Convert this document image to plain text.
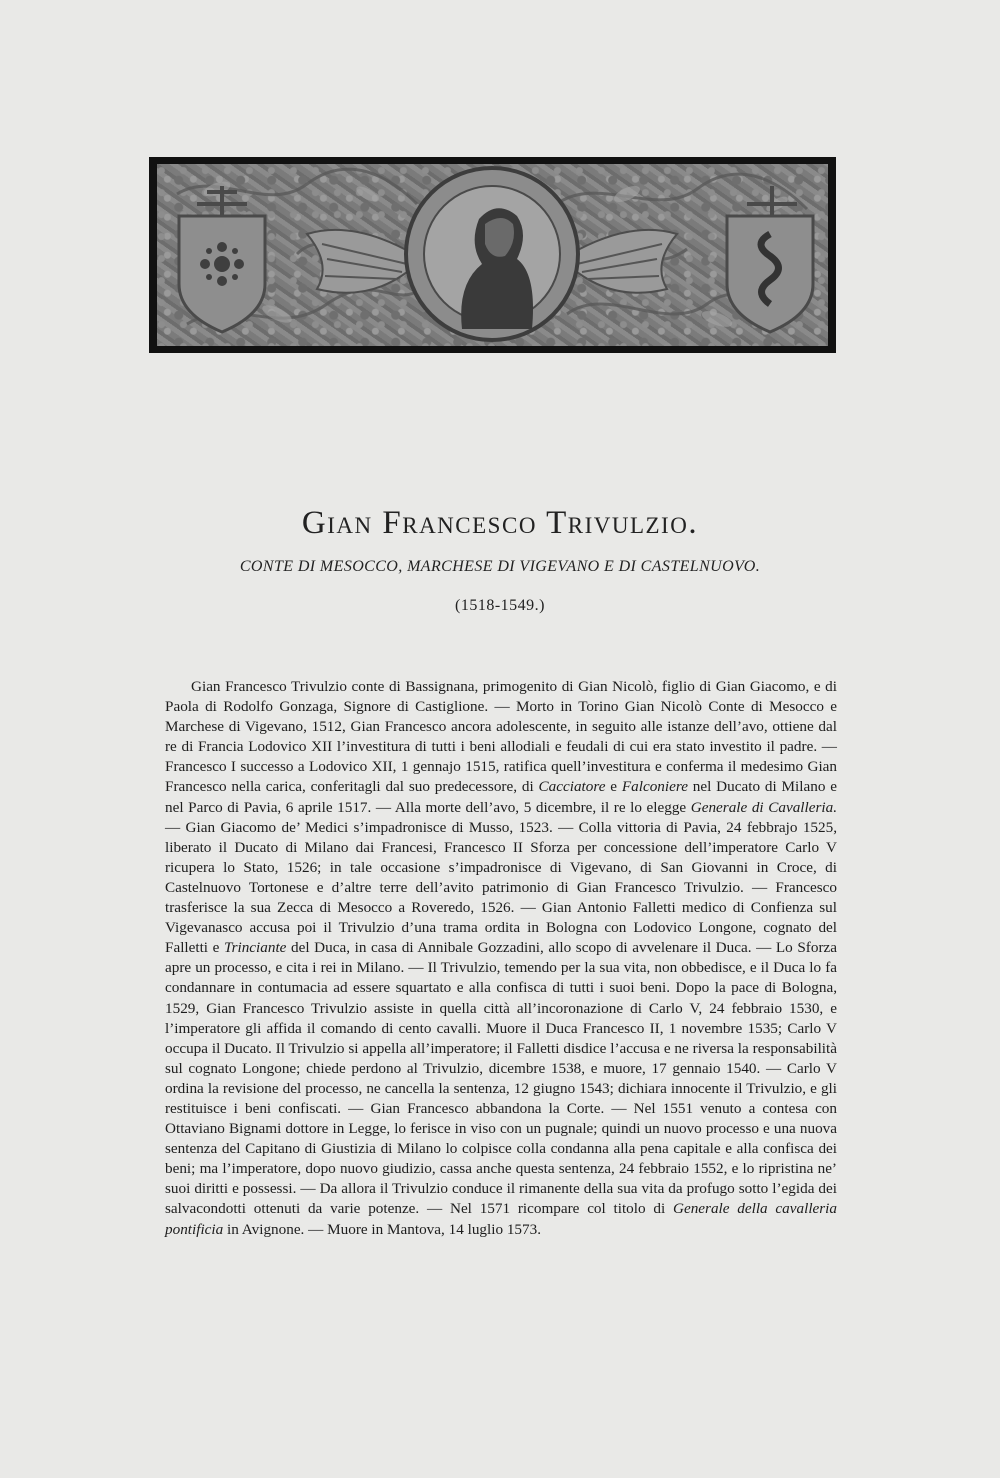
Gian Francesco Trivulzio.
CONTE DI MESOCCO, MARCHESE DI VIGEVANO E DI CASTELNUOVO.
(1518-1549.)

Gian Francesco Trivulzio conte di Bassignana, primogenito di Gian Nicolò, figlio di Gian Giacomo, e di Paola di Rodolfo Gonzaga, Signore di Castiglione. — Morto in Torino Gian Nicolò Conte di Mesocco e Marchese di Vigevano, 1512, Gian Francesco ancora adolescente, in seguito alle istanze dell’avo, ottiene dal re di Francia Lodovico XII l’investitura di tutti i beni allodiali e feudali di cui era stato investito il padre. — Francesco I successo a Lodovico XII, 1 gennajo 1515, ratifica quell’investitura e conferma il medesimo Gian Francesco nella carica, conferitagli dal suo predecessore, di Cacciatore e Falconiere nel Ducato di Milano e nel Parco di Pavia, 6 aprile 1517. — Alla morte dell’avo, 5 dicembre, il re lo elegge Generale di Cavalleria. — Gian Giacomo de’ Medici s’impadronisce di Musso, 1523. — Colla vittoria di Pavia, 24 febbrajo 1525, liberato il Ducato di Milano dai Francesi, Francesco II Sforza per concessione dell’imperatore Carlo V ricupera lo Stato, 1526; in tale occasione s’impadronisce di Vigevano, di San Giovanni in Croce, di Castelnuovo Tortonese e d’altre terre dell’avito patrimonio di Gian Francesco Trivulzio. — Francesco trasferisce la sua Zecca di Mesocco a Roveredo, 1526. — Gian Antonio Falletti medico di Confienza sul Vigevanasco accusa poi il Trivulzio d’una trama ordita in Bologna con Lodovico Longone, cognato del Falletti e Trinciante del Duca, in casa di Annibale Gozzadini, allo scopo di avvelenare il Duca. — Lo Sforza apre un processo, e cita i rei in Milano. — Il Trivulzio, temendo per la sua vita, non obbedisce, e il Duca lo fa condannare in contumacia ad essere squartato e alla confisca di tutti i suoi beni. Dopo la pace di Bologna, 1529, Gian Francesco Trivulzio assiste in quella città all’incoronazione di Carlo V, 24 febbraio 1530, e l’imperatore gli affida il comando di cento cavalli. Muore il Duca Francesco II, 1 novembre 1535; Carlo V occupa il Ducato. Il Trivulzio si appella all’imperatore; il Falletti disdice l’accusa e ne riversa la responsabilità sul cognato Longone; chiede perdono al Trivulzio, dicembre 1538, e muore, 17 gennaio 1540. — Carlo V ordina la revisione del processo, ne cancella la sentenza, 12 giugno 1543; dichiara innocente il Trivulzio, e gli restituisce i beni confiscati. — Gian Francesco abbandona la Corte. — Nel 1551 venuto a contesa con Ottaviano Bignami dottore in Legge, lo ferisce in viso con un pugnale; quindi un nuovo processo e una nuova sentenza del Capitano di Giustizia di Milano lo colpisce colla condanna alla pena capitale e alla confisca dei beni; ma l’imperatore, dopo nuovo giudizio, cassa anche questa sentenza, 24 febbraio 1552, e lo ripristina ne’ suoi diritti e possessi. — Da allora il Trivulzio conduce il rimanente della sua vita da profugo sotto l’egida dei salvacondotti ottenuti da varie potenze. — Nel 1571 ricompare col titolo di Generale della cavalleria pontificia in Avignone. — Muore in Mantova, 14 luglio 1573.
